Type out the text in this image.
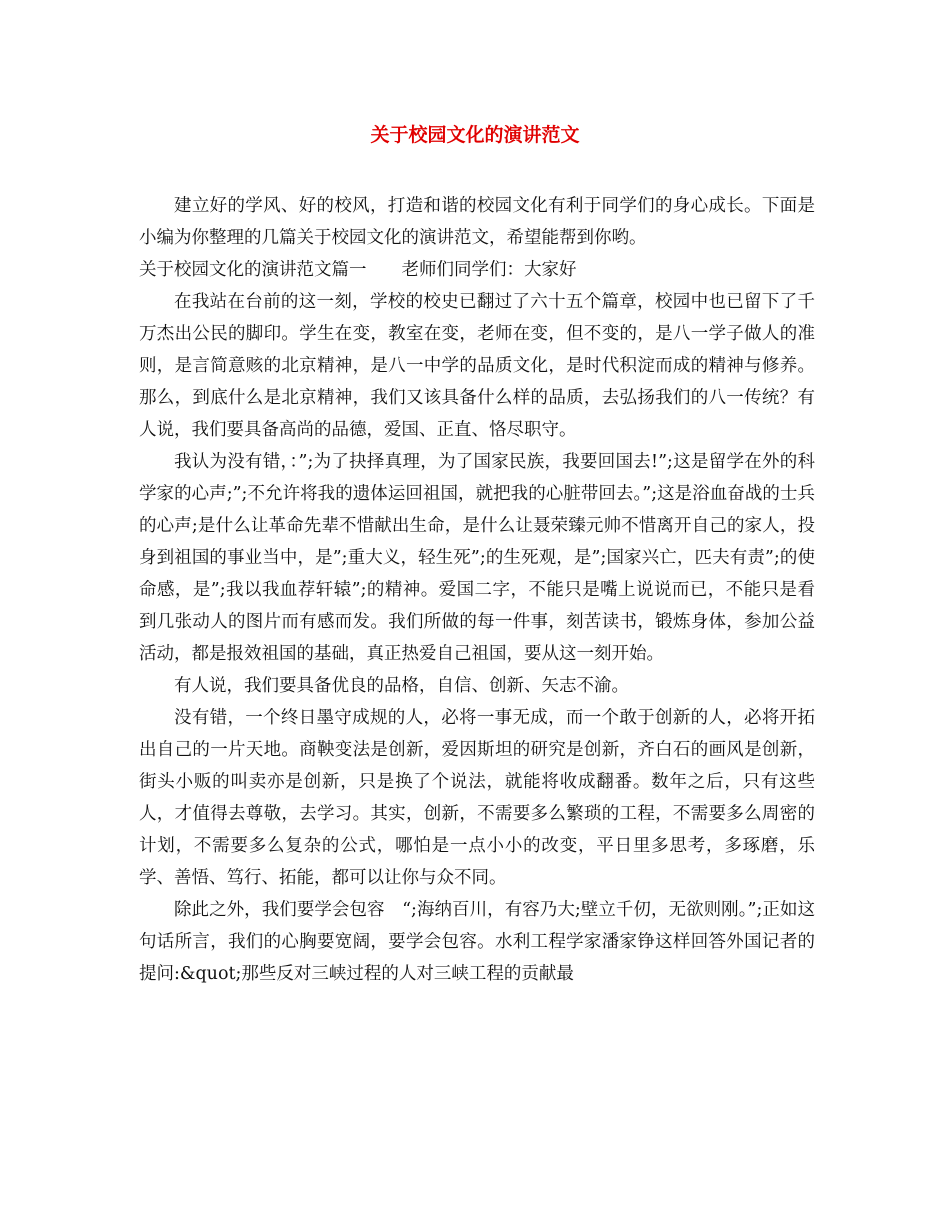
关于校园文化的演讲范文

建立好的学风、好的校风，打造和谐的校园文化有利于同学们的身心成长。下面是小编为你整理的几篇关于校园文化的演讲范文，希望能帮到你哟。

关于校园文化的演讲范文篇一　　老师们同学们：大家好

在我站在台前的这一刻，学校的校史已翻过了六十五个篇章，校园中也已留下了千万杰出公民的脚印。学生在变，教室在变，老师在变，但不变的，是八一学子做人的准则，是言简意赅的北京精神，是八一中学的品质文化，是时代积淀而成的精神与修养。那么，到底什么是北京精神，我们又该具备什么样的品质，去弘扬我们的八一传统？有人说，我们要具备高尚的品德，爱国、正直、恪尽职守。

我认为没有错，：”;为了抉择真理，为了国家民族，我要回国去!”;这是留学在外的科学家的心声;”;不允许将我的遗体运回祖国，就把我的心脏带回去。”;这是浴血奋战的士兵的心声;是什么让革命先辈不惜献出生命，是什么让聂荣臻元帅不惜离开自己的家人，投身到祖国的事业当中，是”;重大义，轻生死”;的生死观，是”;国家兴亡，匹夫有责”;的使命感，是”;我以我血荐轩辕”;的精神。爱国二字，不能只是嘴上说说而已，不能只是看到几张动人的图片而有感而发。我们所做的每一件事，刻苦读书，锻炼身体，参加公益活动，都是报效祖国的基础，真正热爱自己祖国，要从这一刻开始。

有人说，我们要具备优良的品格，自信、创新、矢志不渝。

没有错，一个终日墨守成规的人，必将一事无成，而一个敢于创新的人，必将开拓出自己的一片天地。商鞅变法是创新，爱因斯坦的研究是创新，齐白石的画风是创新，街头小贩的叫卖亦是创新，只是换了个说法，就能将收成翻番。数年之后，只有这些人，才值得去尊敬，去学习。其实，创新，不需要多么繁琐的工程，不需要多么周密的计划，不需要多么复杂的公式，哪怕是一点小小的改变，平日里多思考，多琢磨，乐学、善悟、笃行、拓能，都可以让你与众不同。

除此之外，我们要学会包容　“;海纳百川，有容乃大;壁立千仞，无欲则刚。”;正如这句话所言，我们的心胸要宽阔，要学会包容。水利工程学家潘家铮这样回答外国记者的提问:&quot;那些反对三峡过程的人对三峡工程的贡献最
